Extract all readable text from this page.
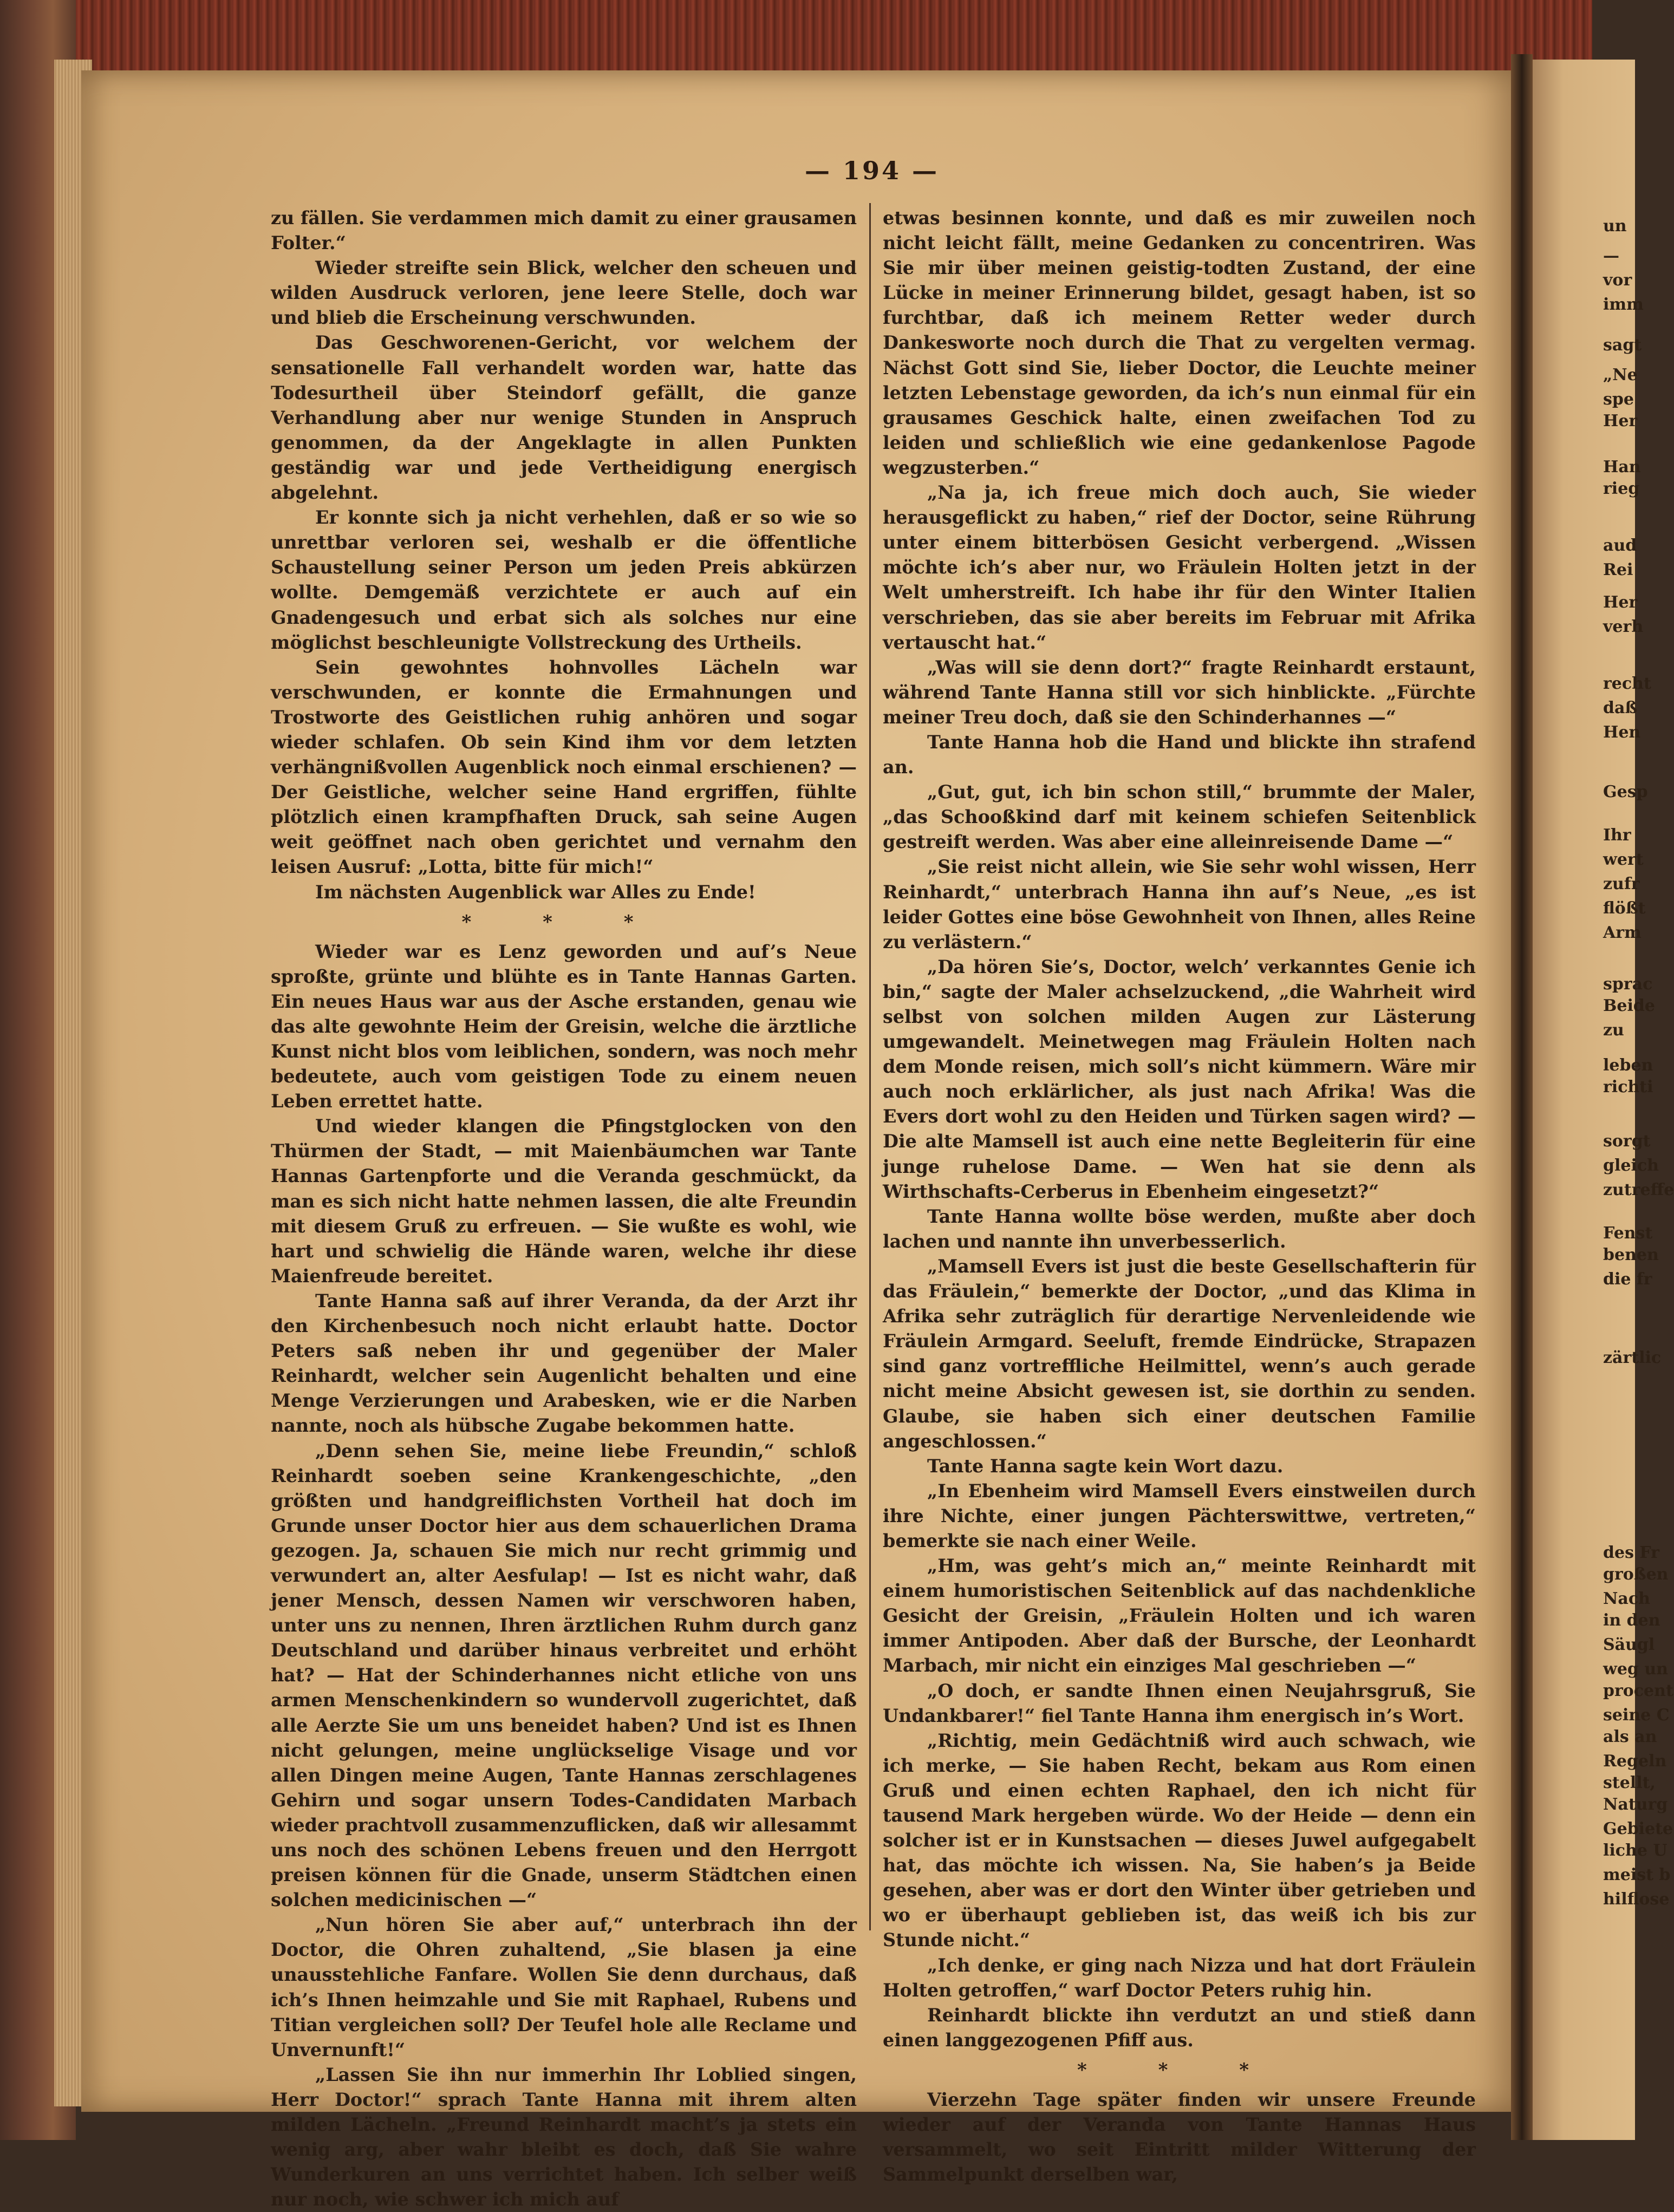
— 194 —

zu fällen. Sie verdammen mich damit zu einer grausamen Folter.“

Wieder streifte sein Blick, welcher den scheuen und wilden Ausdruck verloren, jene leere Stelle, doch war und blieb die Erscheinung verschwunden.

Das Geschworenen-Gericht, vor welchem der sensationelle Fall verhandelt worden war, hatte das Todesurtheil über Steindorf gefällt, die ganze Verhandlung aber nur wenige Stunden in Anspruch genommen, da der Angeklagte in allen Punkten geständig war und jede Vertheidigung energisch abgelehnt.

Er konnte sich ja nicht verhehlen, daß er so wie so unrettbar verloren sei, weshalb er die öffentliche Schaustellung seiner Person um jeden Preis abkürzen wollte. Demgemäß verzichtete er auch auf ein Gnadengesuch und erbat sich als solches nur eine möglichst beschleunigte Vollstreckung des Urtheils.

Sein gewohntes hohnvolles Lächeln war verschwunden, er konnte die Ermahnungen und Trostworte des Geistlichen ruhig anhören und sogar wieder schlafen. Ob sein Kind ihm vor dem letzten verhängnißvollen Augenblick noch einmal erschienen? — Der Geistliche, welcher seine Hand ergriffen, fühlte plötzlich einen krampfhaften Druck, sah seine Augen weit geöffnet nach oben gerichtet und vernahm den leisen Ausruf: „Lotta, bitte für mich!“

Im nächsten Augenblick war Alles zu Ende!

* * *

Wieder war es Lenz geworden und auf’s Neue sproßte, grünte und blühte es in Tante Hannas Garten. Ein neues Haus war aus der Asche erstanden, genau wie das alte gewohnte Heim der Greisin, welche die ärztliche Kunst nicht blos vom leiblichen, sondern, was noch mehr bedeutete, auch vom geistigen Tode zu einem neuen Leben errettet hatte.

Und wieder klangen die Pfingstglocken von den Thürmen der Stadt, — mit Maienbäumchen war Tante Hannas Gartenpforte und die Veranda geschmückt, da man es sich nicht hatte nehmen lassen, die alte Freundin mit diesem Gruß zu erfreuen. — Sie wußte es wohl, wie hart und schwielig die Hände waren, welche ihr diese Maienfreude bereitet.

Tante Hanna saß auf ihrer Veranda, da der Arzt ihr den Kirchenbesuch noch nicht erlaubt hatte. Doctor Peters saß neben ihr und gegenüber der Maler Reinhardt, welcher sein Augenlicht behalten und eine Menge Verzierungen und Arabesken, wie er die Narben nannte, noch als hübsche Zugabe bekommen hatte.

„Denn sehen Sie, meine liebe Freundin,“ schloß Reinhardt soeben seine Krankengeschichte, „den größten und handgreiflichsten Vortheil hat doch im Grunde unser Doctor hier aus dem schauerlichen Drama gezogen. Ja, schauen Sie mich nur recht grimmig und verwundert an, alter Aesfulap! — Ist es nicht wahr, daß jener Mensch, dessen Namen wir verschworen haben, unter uns zu nennen, Ihren ärztlichen Ruhm durch ganz Deutschland und darüber hinaus verbreitet und erhöht hat? — Hat der Schinderhannes nicht etliche von uns armen Menschenkindern so wundervoll zugerichtet, daß alle Aerzte Sie um uns beneidet haben? Und ist es Ihnen nicht gelungen, meine unglückselige Visage und vor allen Dingen meine Augen, Tante Hannas zerschlagenes Gehirn und sogar unsern Todes-Candidaten Marbach wieder prachtvoll zusammenzuflicken, daß wir allesammt uns noch des schönen Lebens freuen und den Herrgott preisen können für die Gnade, unserm Städtchen einen solchen medicinischen —“

„Nun hören Sie aber auf,“ unterbrach ihn der Doctor, die Ohren zuhaltend, „Sie blasen ja eine unausstehliche Fanfare. Wollen Sie denn durchaus, daß ich’s Ihnen heimzahle und Sie mit Raphael, Rubens und Titian vergleichen soll? Der Teufel hole alle Reclame und Unvernunft!“

„Lassen Sie ihn nur immerhin Ihr Loblied singen, Herr Doctor!“ sprach Tante Hanna mit ihrem alten milden Lächeln. „Freund Reinhardt macht’s ja stets ein wenig arg, aber wahr bleibt es doch, daß Sie wahre Wunderkuren an uns verrichtet haben. Ich selber weiß nur noch, wie schwer ich mich auf

etwas besinnen konnte, und daß es mir zuweilen noch nicht leicht fällt, meine Gedanken zu concentriren. Was Sie mir über meinen geistig-todten Zustand, der eine Lücke in meiner Erinnerung bildet, gesagt haben, ist so furchtbar, daß ich meinem Retter weder durch Dankesworte noch durch die That zu vergelten vermag. Nächst Gott sind Sie, lieber Doctor, die Leuchte meiner letzten Lebenstage geworden, da ich’s nun einmal für ein grausames Geschick halte, einen zweifachen Tod zu leiden und schließlich wie eine gedankenlose Pagode wegzusterben.“

„Na ja, ich freue mich doch auch, Sie wieder herausgeflickt zu haben,“ rief der Doctor, seine Rührung unter einem bitterbösen Gesicht verbergend. „Wissen möchte ich’s aber nur, wo Fräulein Holten jetzt in der Welt umherstreift. Ich habe ihr für den Winter Italien verschrieben, das sie aber bereits im Februar mit Afrika vertauscht hat.“

„Was will sie denn dort?“ fragte Reinhardt erstaunt, während Tante Hanna still vor sich hinblickte. „Fürchte meiner Treu doch, daß sie den Schinderhannes —“

Tante Hanna hob die Hand und blickte ihn strafend an.

„Gut, gut, ich bin schon still,“ brummte der Maler, „das Schooßkind darf mit keinem schiefen Seitenblick gestreift werden. Was aber eine alleinreisende Dame —“

„Sie reist nicht allein, wie Sie sehr wohl wissen, Herr Reinhardt,“ unterbrach Hanna ihn auf’s Neue, „es ist leider Gottes eine böse Gewohnheit von Ihnen, alles Reine zu verlästern.“

„Da hören Sie’s, Doctor, welch’ verkanntes Genie ich bin,“ sagte der Maler achselzuckend, „die Wahrheit wird selbst von solchen milden Augen zur Lästerung umgewandelt. Meinetwegen mag Fräulein Holten nach dem Monde reisen, mich soll’s nicht kümmern. Wäre mir auch noch erklärlicher, als just nach Afrika! Was die Evers dort wohl zu den Heiden und Türken sagen wird? — Die alte Mamsell ist auch eine nette Begleiterin für eine junge ruhelose Dame. — Wen hat sie denn als Wirthschafts-Cerberus in Ebenheim eingesetzt?“

Tante Hanna wollte böse werden, mußte aber doch lachen und nannte ihn unverbesserlich.

„Mamsell Evers ist just die beste Gesellschafterin für das Fräulein,“ bemerkte der Doctor, „und das Klima in Afrika sehr zuträglich für derartige Nervenleidende wie Fräulein Armgard. Seeluft, fremde Eindrücke, Strapazen sind ganz vortreffliche Heilmittel, wenn’s auch gerade nicht meine Absicht gewesen ist, sie dorthin zu senden. Glaube, sie haben sich einer deutschen Familie angeschlossen.“

Tante Hanna sagte kein Wort dazu.

„In Ebenheim wird Mamsell Evers einstweilen durch ihre Nichte, einer jungen Pächterswittwe, vertreten,“ bemerkte sie nach einer Weile.

„Hm, was geht’s mich an,“ meinte Reinhardt mit einem humoristischen Seitenblick auf das nachdenkliche Gesicht der Greisin, „Fräulein Holten und ich waren immer Antipoden. Aber daß der Bursche, der Leonhardt Marbach, mir nicht ein einziges Mal geschrieben —“

„O doch, er sandte Ihnen einen Neujahrsgruß, Sie Undankbarer!“ fiel Tante Hanna ihm energisch in’s Wort.

„Richtig, mein Gedächtniß wird auch schwach, wie ich merke, — Sie haben Recht, bekam aus Rom einen Gruß und einen echten Raphael, den ich nicht für tausend Mark hergeben würde. Wo der Heide — denn ein solcher ist er in Kunstsachen — dieses Juwel aufgegabelt hat, das möchte ich wissen. Na, Sie haben’s ja Beide gesehen, aber was er dort den Winter über getrieben und wo er überhaupt geblieben ist, das weiß ich bis zur Stunde nicht.“

„Ich denke, er ging nach Nizza und hat dort Fräulein Holten getroffen,“ warf Doctor Peters ruhig hin.

Reinhardt blickte ihn verdutzt an und stieß dann einen langgezogenen Pfiff aus.

* * *

Vierzehn Tage später finden wir unsere Freunde wieder auf der Veranda von Tante Hannas Haus versammelt, wo seit Eintritt milder Witterung der Sammelpunkt derselben war,

un
—
vor
imm
sagt
„Ne
spe
Her
Han
rieg
aud
Rei
Her
verh
recht
daß
Hen
Gesp
Ihr
wert
zufr
flößt
Arm
sprac
Beide
zu
leben
richti
sorgt
gleich
zutreffe
Fenst
benen
die fr
zärtlic
des Fr
großen
Nach
in den
Säugl
weg un
procent
seine C
als an
Regeln
stellt,
Naturg
Gebiete
liche U
meist b
hilflose
